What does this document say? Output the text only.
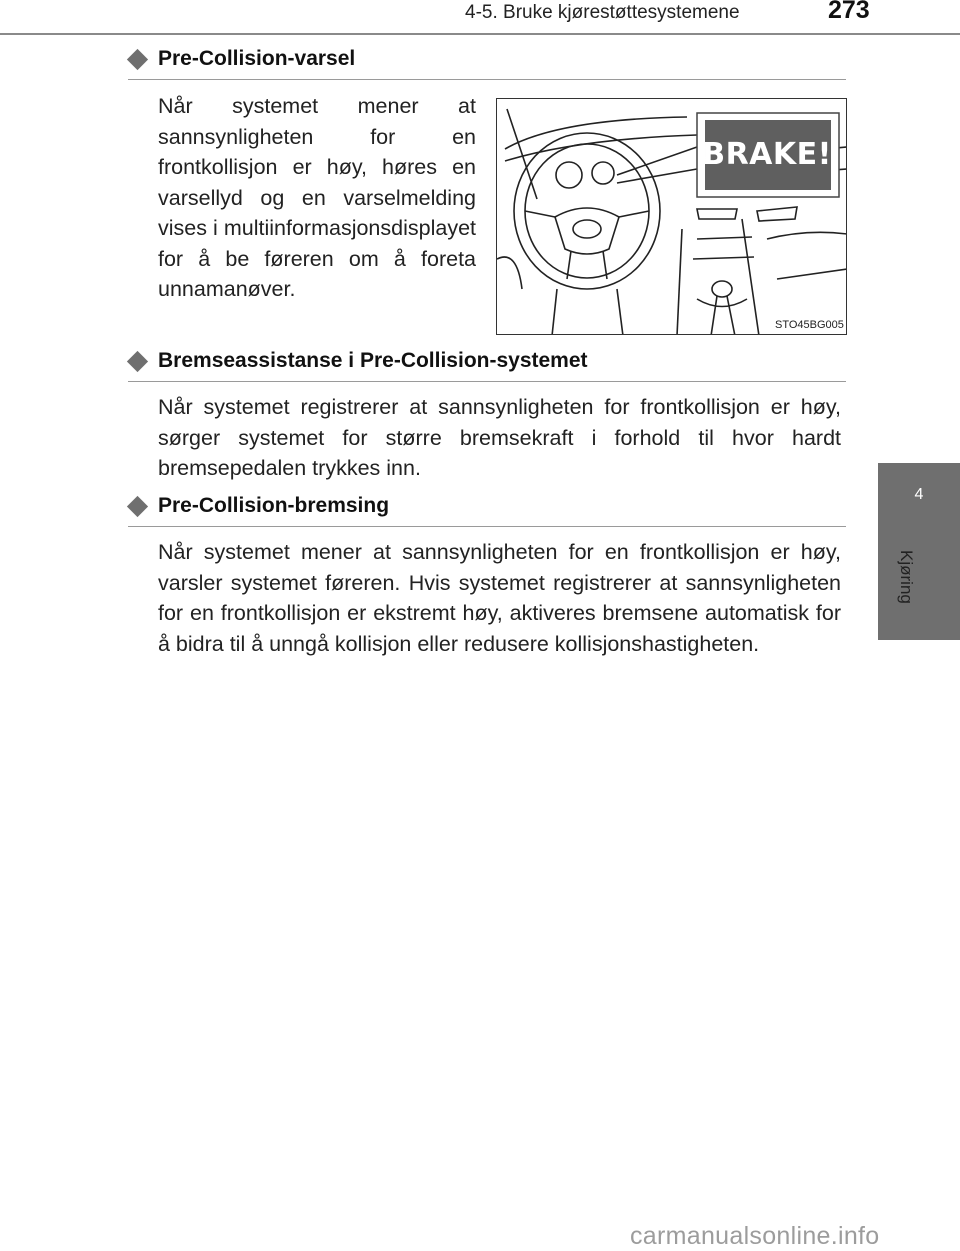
4-5. Bruke kjørestøttesystemene	273
4
Kjøring
Pre-Collision-varsel
Når systemet mener at sannsynligheten for en frontkollisjon er høy, høres en varsellyd og en varselmelding vises i multiinformasjonsdisplayet for å be føreren om å foreta unnamanøver.
BRAKE!
STO45BG005
Bremseassistanse i Pre-Collision-systemet
Når systemet registrerer at sannsynligheten for frontkollisjon er høy, sørger systemet for større bremsekraft i forhold til hvor hardt bremsepedalen trykkes inn.
Pre-Collision-bremsing
Når systemet mener at sannsynligheten for en frontkollisjon er høy, varsler systemet føreren. Hvis systemet registrerer at sannsynligheten for en frontkollisjon er ekstremt høy, aktiveres bremsene automatisk for å bidra til å unngå kollisjon eller redusere kollisjonshastigheten.
carmanualsonline.info
